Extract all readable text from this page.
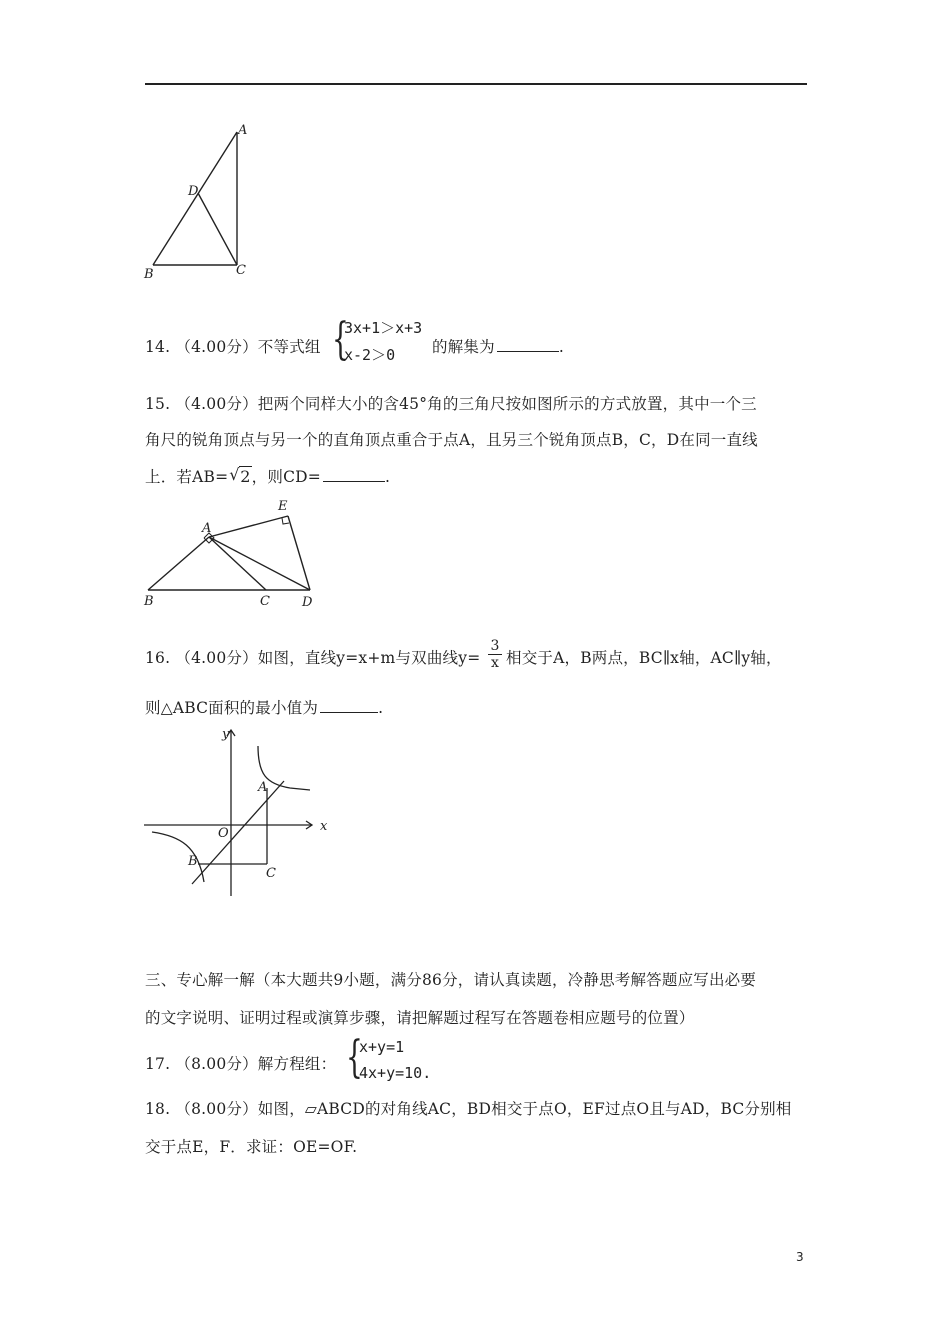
A
D
B	C
14. （4.00分）不等式组 {
3x+1＞x+3
x-2＞0	的解集为	.
15. （4.00分）把两个同样大小的含45°角的三角尺按如图所示的方式放置，其中一个三
角尺的锐角顶点与另一个的直角顶点重合于点A，且另三个锐角顶点B，C，D在同一直线
上．若AB=√ 2，则CD=	.
A
E
B	C D
16. （4.00分）如图，直线y=x+m与双曲线$y= \frac{3}{x}$ 相交于A，B两点，BC∥x轴，AC∥y轴，
则△ABC面积的最小值为	.
y
x
O
A
B
C
三、专心解一解（本大题共9小题，满分86分，请认真读题，冷静思考解答题应写出必要
的文字说明、证明过程或演算步骤，请把解题过程写在答题卷相应题号的位置）
17. （8.00分）解方程组： {
x+y=1
4x+y=10.
18. （8.00分）如图，▱ABCD的对角线AC，BD相交于点O，EF过点O且与AD，BC分别相
交于点E，F．求证：OE=OF.
3
